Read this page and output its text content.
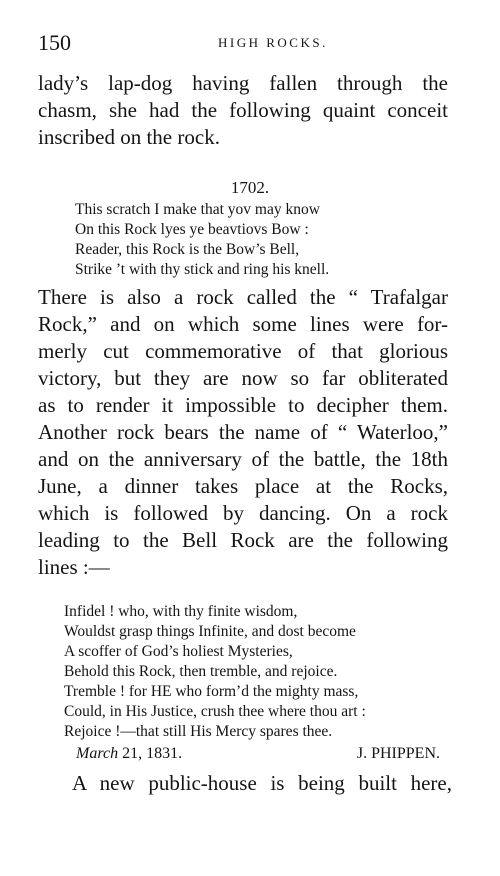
150	HIGH ROCKS.

lady’s lap-dog having fallen through the
chasm, she had the following quaint conceit
inscribed on the rock.

1702.
This scratch I make that yov may know
On this Rock lyes ye beavtiovs Bow :
Reader, this Rock is the Bow’s Bell,
Strike ’t with thy stick and ring his knell.

There is also a rock called the “ Trafalgar
Rock,” and on which some lines were for-
merly cut commemorative of that glorious
victory, but they are now so far obliterated
as to render it impossible to decipher them.
Another rock bears the name of “ Waterloo,”
and on the anniversary of the battle, the 18th
June, a dinner takes place at the Rocks,
which is followed by dancing. On a rock
leading to the Bell Rock are the following
lines :—

Infidel ! who, with thy finite wisdom,
Wouldst grasp things Infinite, and dost become
A scoffer of God’s holiest Mysteries,
Behold this Rock, then tremble, and rejoice.
Tremble ! for HE who form’d the mighty mass,
Could, in His Justice, crush thee where thou art :
Rejoice !—that still His Mercy spares thee.
March 21, 1831.	J. PHIPPEN.

A new public-house is being built here,
